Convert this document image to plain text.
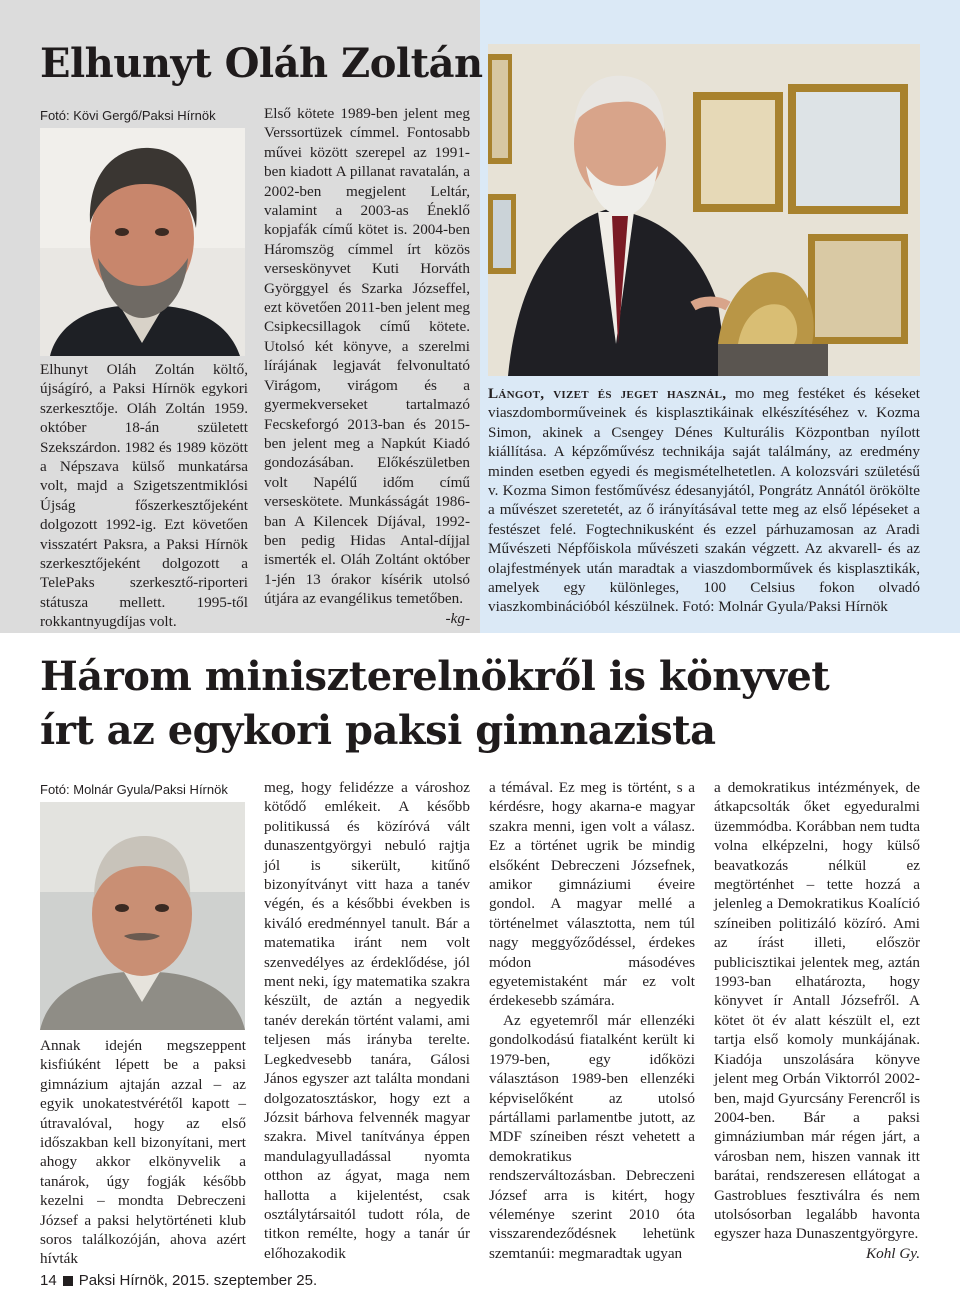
Elhunyt Oláh Zoltán
Fotó: Kövi Gergő/Paksi Hírnök
Elhunyt Oláh Zoltán költő, újságíró, a Paksi Hírnök egykori szerkesztője. Oláh Zoltán 1959. október 18-án született Szekszárdon. 1982 és 1989 között a Népszava külső munkatársa volt, majd a Szigetszentmiklósi Újság főszerkesztőjeként dolgozott 1992-ig. Ezt követően visszatért Paksra, a Paksi Hírnök szerkesztőjeként dolgozott a TelePaks szerkesztő-riporteri státusza mellett. 1995-től rokkantnyugdíjas volt.
Első kötete 1989-ben jelent meg Verssortüzek címmel. Fontosabb művei között szerepel az 1991-ben kiadott A pillanat ravatalán, a 2002-ben megjelent Leltár, valamint a 2003-as Éneklő kopjafák című kötet is. 2004-ben Háromszög címmel írt közös verseskönyvet Kuti Horváth Györggyel és Szarka Józseffel, ezt követően 2011-ben jelent meg Csipkecsillagok című kötete. Utolsó két könyve, a szerelmi lírájának legjavát felvonultató Virágom, virágom és a gyermekverseket tartalmazó Fecskeforgó 2013-ban és 2015-ben jelent meg a Napkút Kiadó gondozásában. Előkészületben volt Napélű időm című verseskötete. Munkásságát 1986-ban A Kilencek Díjával, 1992-ben pedig Hidas Antal-díjjal ismerték el. Oláh Zoltánt október 1-jén 13 órakor kísérik utolsó útjára az evangélikus temetőben.
-kg-
Lángot, vizet és jeget használ, mo meg festéket és késeket viaszdomborműveinek és kisplasztikáinak elkészítéséhez v. Kozma Simon, akinek a Csengey Dénes Kulturális Központban nyílott kiállítása. A képzőművész technikája saját találmány, az eredmény minden esetben egyedi és megismételhetetlen. A kolozsvári születésű v. Kozma Simon festőművész édesanyjától, Pongrátz Annától örökölte a művészet szeretetét, az ő irányításával tette meg az első lépéseket a festészet felé. Fogtechnikusként és ezzel párhuzamosan az Aradi Művészeti Népfőiskola művészeti szakán végzett. Az akvarell- és az olajfestmények után maradtak a viaszdomborművek és kisplasztikák, amelyek egy különleges, 100 Celsius fokon olvadó viaszkombinációból készülnek. Fotó: Molnár Gyula/Paksi Hírnök
Három miniszterelnökről is könyvet
írt az egykori paksi gimnazista
Fotó: Molnár Gyula/Paksi Hírnök
Annak idején megszeppent kisfiúként lépett be a paksi gimnázium ajtaján azzal – az egyik unokatestvérétől kapott – útravalóval, hogy az első időszakban kell bizonyítani, mert ahogy akkor elkönyvelik a tanárok, úgy fogják később kezelni – mondta Debreczeni József a paksi helytörténeti klub soros találkozóján, ahova azért hívták
meg, hogy felidézze a városhoz kötődő emlékeit. A később politikussá és közíróvá vált dunaszentgyörgyi nebuló rajtja jól is sikerült, kitűnő bizonyítványt vitt haza a tanév végén, és a későbbi években is kiváló eredménnyel tanult. Bár a matematika iránt nem volt szenvedélyes az érdeklődése, jól ment neki, így matematika szakra készült, de aztán a negyedik tanév derekán történt valami, ami teljesen más irányba terelte. Legkedvesebb tanára, Gálosi János egyszer azt találta mondani dolgozatosztáskor, hogy ezt a Józsit bárhova felvennék magyar szakra. Mivel tanítványa éppen mandulagyulladással nyomta otthon az ágyat, maga nem hallotta a kijelentést, csak osztálytársaitól tudott róla, de titkon remélte, hogy a tanár úr előhozakodik
a témával. Ez meg is történt, s a kérdésre, hogy akarna-e magyar szakra menni, igen volt a válasz. Ez a történet ugrik be mindig elsőként Debreczeni Józsefnek, amikor gimnáziumi éveire gondol. A magyar mellé a történelmet választotta, nem túl nagy meggyőződéssel, érdekes módon másodéves egyetemistaként már ez volt érdekesebb számára.
Az egyetemről már ellenzéki gondolkodású fiatalként került ki 1979-ben, egy időközi választáson 1989-ben ellenzéki képviselőként az utolsó pártállami parlamentbe jutott, az MDF színeiben részt vehetett a demokratikus rendszerváltozásban. Debreczeni József arra is kitért, hogy véleménye szerint 2010 óta visszarendeződésnek lehetünk szemtanúi: megmaradtak ugyan
a demokratikus intézmények, de átkapcsolták őket egyeduralmi üzemmódba. Korábban nem tudta volna elképzelni, hogy külső beavatkozás nélkül ez megtörténhet – tette hozzá a jelenleg a Demokratikus Koalíció színeiben politizáló közíró. Ami az írást illeti, először publicisztikai jelentek meg, aztán 1993-ban elhatározta, hogy könyvet ír Antall Józsefről. A kötet öt év alatt készült el, ezt tartja első komoly munkájának. Kiadója unszolására könyve jelent meg Orbán Viktorról 2002-ben, majd Gyurcsány Ferencről is 2004-ben. Bár a paksi gimnáziumban már régen járt, a városban nem, hiszen vannak itt barátai, rendszeresen ellátogat a Gastroblues fesztiválra és nem utolsósorban legalább havonta egyszer haza Dunaszentgyörgyre.
Kohl Gy.
14 Paksi Hírnök, 2015. szeptember 25.
